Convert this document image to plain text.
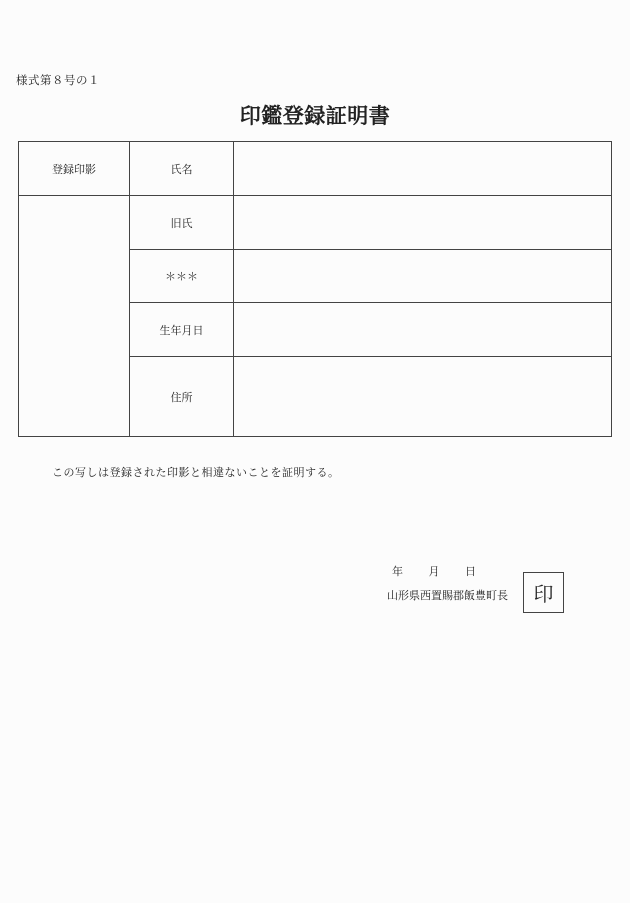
様式第８号の１
印鑑登録証明書
登録印影	氏名	
	旧氏	
	＊＊＊	
	生年月日	
	住所	
この写しは登録された印影と相違ないことを証明する。
年 月 日
山形県西置賜郡飯豊町長 印
